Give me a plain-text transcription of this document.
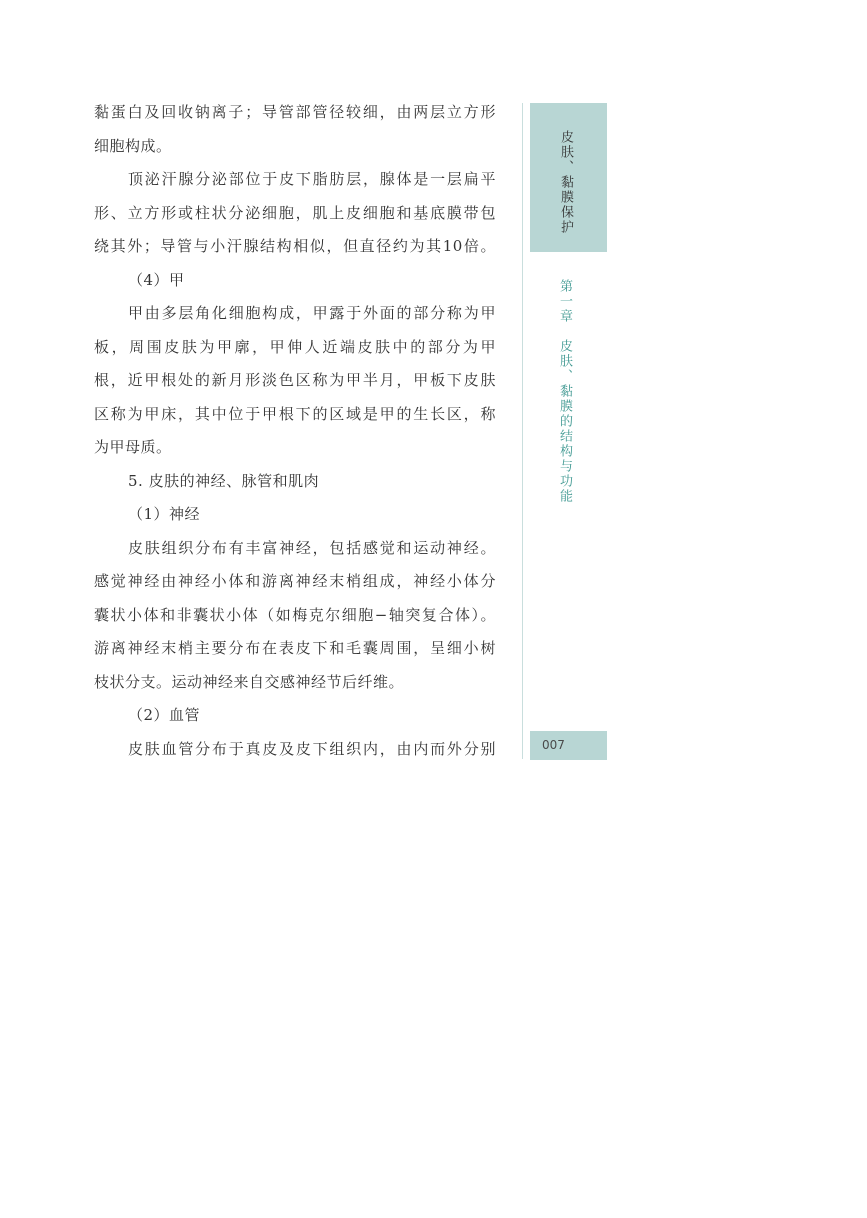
黏蛋白及回收钠离子；导管部管径较细，由两层立方形
细胞构成。
顶泌汗腺分泌部位于皮下脂肪层，腺体是一层扁平
形、立方形或柱状分泌细胞，肌上皮细胞和基底膜带包
绕其外；导管与小汗腺结构相似，但直径约为其10倍。
（4）甲
甲由多层角化细胞构成，甲露于外面的部分称为甲
板，周围皮肤为甲廓，甲伸人近端皮肤中的部分为甲
根，近甲根处的新月形淡色区称为甲半月，甲板下皮肤
区称为甲床，其中位于甲根下的区域是甲的生长区，称
为甲母质。
5. 皮肤的神经、脉管和肌肉
（1）神经
皮肤组织分布有丰富神经，包括感觉和运动神经。
感觉神经由神经小体和游离神经末梢组成，神经小体分
囊状小体和非囊状小体（如梅克尔细胞−轴突复合体）。
游离神经末梢主要分布在表皮下和毛囊周围，呈细小树
枝状分支。运动神经来自交感神经节后纤维。
（2）血管
皮肤血管分布于真皮及皮下组织内，由内而外分别
皮肤、黏膜保护
第一章　皮肤、黏膜的结构与功能
007
